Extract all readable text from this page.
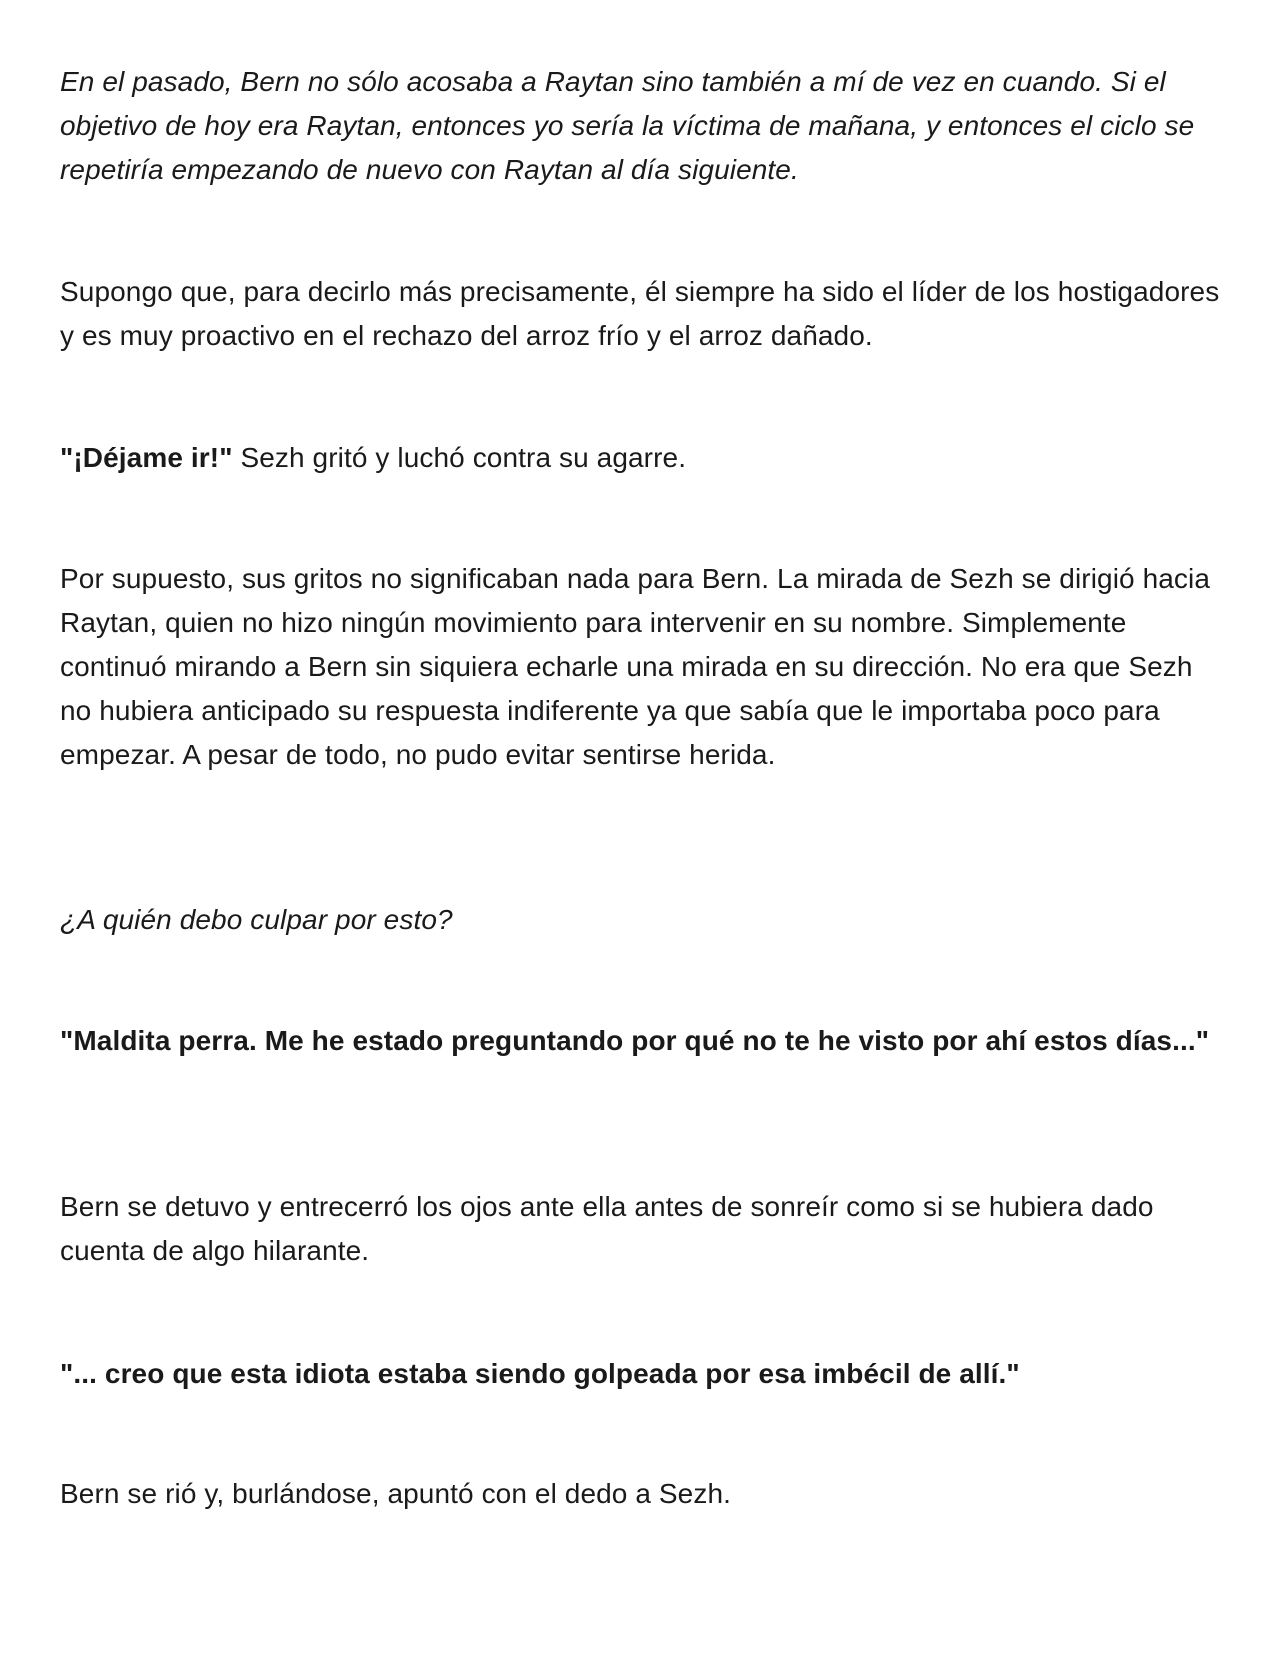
En el pasado, Bern no sólo acosaba a Raytan sino también a mí de vez en cuando. Si el objetivo de hoy era Raytan, entonces yo sería la víctima de mañana, y entonces el ciclo se repetiría empezando de nuevo con Raytan al día siguiente.

Supongo que, para decirlo más precisamente, él siempre ha sido el líder de los hostigadores y es muy proactivo en el rechazo del arroz frío y el arroz dañado.

"¡Déjame ir!" Sezh gritó y luchó contra su agarre.

Por supuesto, sus gritos no significaban nada para Bern. La mirada de Sezh se dirigió hacia Raytan, quien no hizo ningún movimiento para intervenir en su nombre. Simplemente continuó mirando a Bern sin siquiera echarle una mirada en su dirección. No era que Sezh no hubiera anticipado su respuesta indiferente ya que sabía que le importaba poco para empezar. A pesar de todo, no pudo evitar sentirse herida.

¿A quién debo culpar por esto?

"Maldita perra. Me he estado preguntando por qué no te he visto por ahí estos días..."

Bern se detuvo y entrecerró los ojos ante ella antes de sonreír como si se hubiera dado cuenta de algo hilarante.

"... creo que esta idiota estaba siendo golpeada por esa imbécil de allí."

Bern se rió y, burlándose, apuntó con el dedo a Sezh.
